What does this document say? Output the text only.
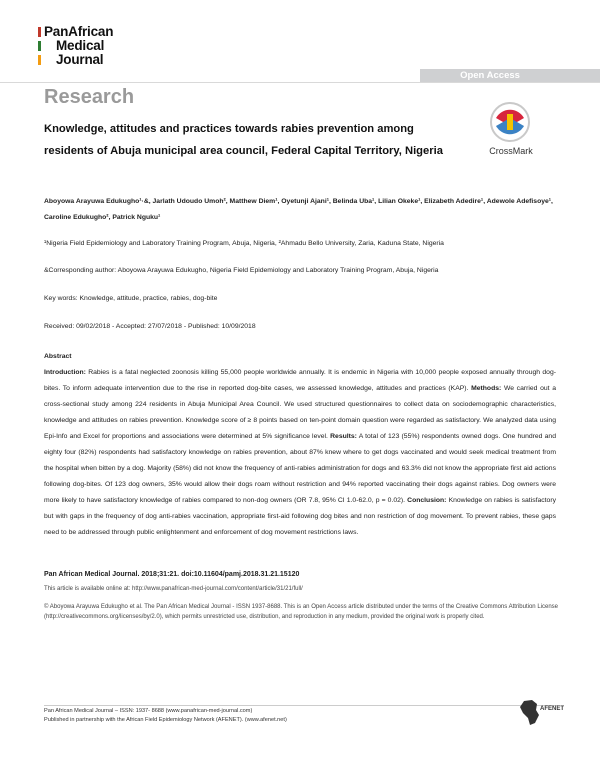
PanAfrican
Medical
Journal
Open Access
Research
Knowledge, attitudes and practices towards rabies prevention among residents of Abuja municipal area council, Federal Capital Territory, Nigeria	CrossMark
Aboyowa Arayuwa Edukugho¹·&, Jarlath Udoudo Umoh², Matthew Diem¹, Oyetunji Ajani¹, Belinda Uba¹, Lilian Okeke¹, Elizabeth Adedire¹, Adewole Adefisoye¹, Caroline Edukugho², Patrick Nguku¹
¹Nigeria Field Epidemiology and Laboratory Training Program, Abuja, Nigeria, ²Ahmadu Bello University, Zaria, Kaduna State, Nigeria
&Corresponding author: Aboyowa Arayuwa Edukugho, Nigeria Field Epidemiology and Laboratory Training Program, Abuja, Nigeria
Key words: Knowledge, attitude, practice, rabies, dog-bite
Received: 09/02/2018 - Accepted: 27/07/2018 - Published: 10/09/2018
Abstract
Introduction: Rabies is a fatal neglected zoonosis killing 55,000 people worldwide annually. It is endemic in Nigeria with 10,000 people exposed annually through dog-bites. To inform adequate intervention due to the rise in reported dog-bite cases, we assessed knowledge, attitudes and practices (KAP). Methods: We carried out a cross-sectional study among 224 residents in Abuja Municipal Area Council. We used structured questionnaires to collect data on sociodemographic characteristics, knowledge and attitudes on rabies prevention. Knowledge score of ≥ 8 points based on ten-point domain question were regarded as satisfactory. We analyzed data using Epi-Info and Excel for proportions and associations were determined at 5% significance level. Results: A total of 123 (55%) respondents owned dogs. One hundred and eighty four (82%) respondents had satisfactory knowledge on rabies prevention, about 87% knew where to get dogs vaccinated and would seek medical treatment from the hospital when bitten by a dog. Majority (58%) did not know the frequency of anti-rabies administration for dogs and 63.3% did not know the appropriate first aid actions following dog-bites. Of 123 dog owners, 35% would allow their dogs roam without restriction and 94% reported vaccinating their dogs against rabies. Dog owners were more likely to have satisfactory knowledge of rabies compared to non-dog owners (OR 7.8, 95% CI 1.0-62.0, p = 0.02). Conclusion: Knowledge on rabies is satisfactory but with gaps in the frequency of dog anti-rabies vaccination, appropriate first-aid following dog bites and non restriction of dog movement. To prevent rabies, these gaps need to be addressed through public enlightenment and enforcement of dog movement restrictions laws.
Pan African Medical Journal. 2018;31:21. doi:10.11604/pamj.2018.31.21.15120
This article is available online at: http://www.panafrican-med-journal.com/content/article/31/21/full/
© Aboyowa Arayuwa Edukugho et al. The Pan African Medical Journal - ISSN 1937-8688. This is an Open Access article distributed under the terms of the Creative Commons Attribution License (http://creativecommons.org/licenses/by/2.0), which permits unrestricted use, distribution, and reproduction in any medium, provided the original work is properly cited.
Pan African Medical Journal – ISSN: 1937- 8688 (www.panafrican-med-journal.com)
Published in partnership with the African Field Epidemiology Network (AFENET). (www.afenet.net)
AFENET
